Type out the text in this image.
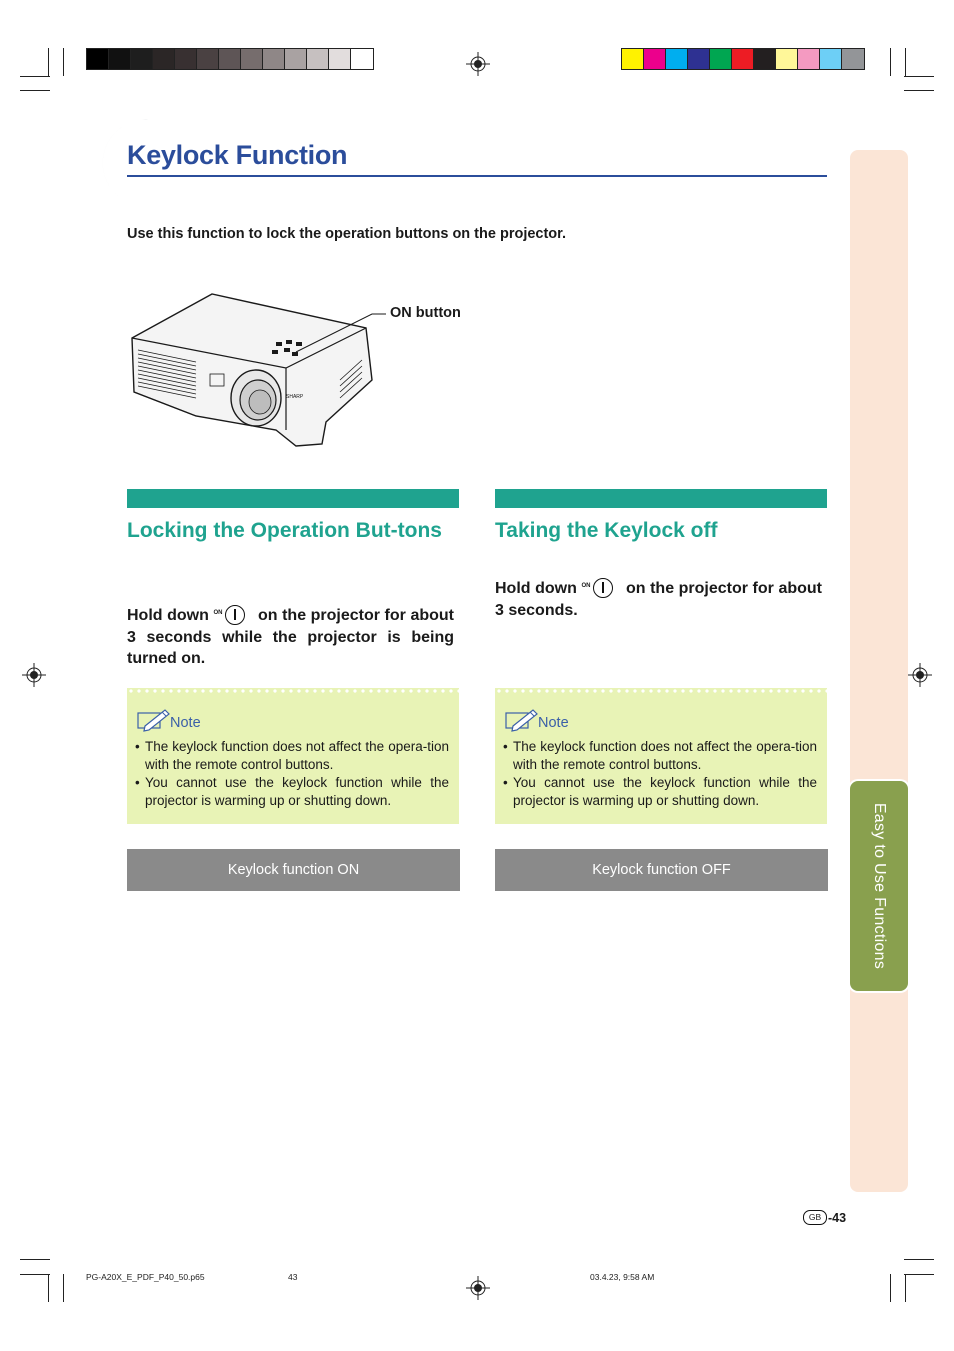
Easy to Use Functions
Keylock Function
Use this function to lock the operation buttons on the projector.
SHARP
ON button
Locking the Operation But-tons
Hold down ON on the projector for about 3 seconds while the projector is being turned on.
Note
• The keylock function does not affect the opera-tion with the remote control buttons.
• You cannot use the keylock function while the projector is warming up or shutting down.
Keylock function ON
Taking the Keylock off
Hold down ON on the projector for about 3 seconds.
Note
• The keylock function does not affect the opera-tion with the remote control buttons.
• You cannot use the keylock function while the projector is warming up or shutting down.
Keylock function OFF
GB -43
PG-A20X_E_PDF_P40_50.p65	43	03.4.23, 9:58 AM
